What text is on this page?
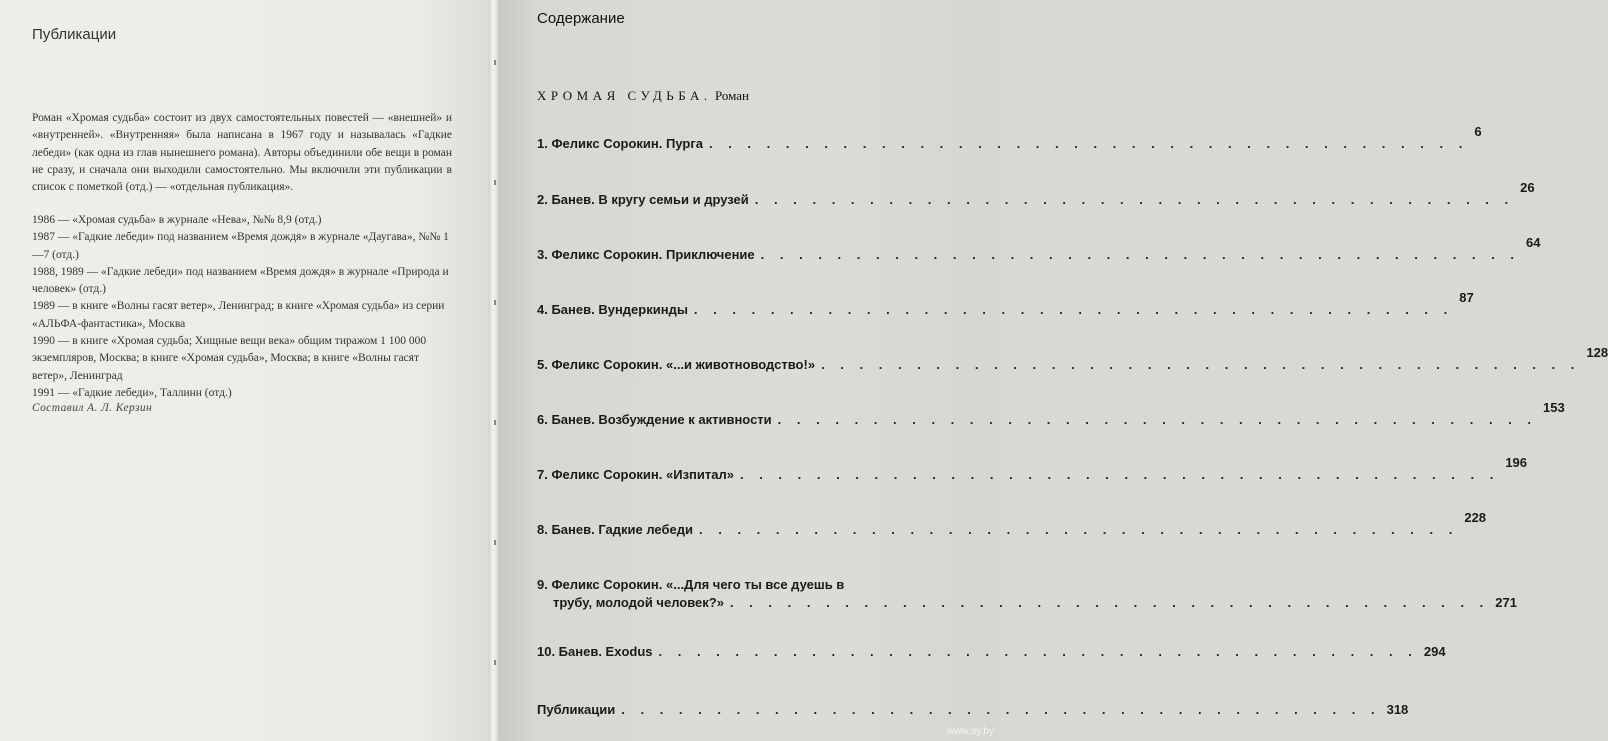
Публикации
Роман «Хромая судьба» состоит из двух самостоятельных повестей — «внешней» и «внутренней». «Внутренняя» была написана в 1967 году и называлась «Гадкие лебеди» (как одна из глав нынешнего романа). Авторы объединили обе вещи в роман не сразу, и сначала они выходили самостоятельно. Мы включили эти публикации в список с пометкой (отд.) — «отдельная публикация».
1986 — «Хромая судьба» в журнале «Нева», №№ 8,9 (отд.)
1987 — «Гадкие лебеди» под названием «Время дождя» в журнале «Даугава», №№ 1—7 (отд.)
1988, 1989 — «Гадкие лебеди» под названием «Время дождя» в журнале «Природа и человек» (отд.)
1989 — в книге «Волны гасят ветер», Ленинград; в книге «Хромая судьба» из серии «АЛЬФА-фантастика», Москва
1990 — в книге «Хромая судьба; Хищные вещи века» общим тиражом 1 100 000 экземпляров, Москва; в книге «Хромая судьба», Москва; в книге «Волны гасят ветер», Ленинград
1991 — «Гадкие лебеди», Таллинн (отд.)
Составил А. Л. Керзин
Содержание
ХРОМАЯ СУДЬБА. Роман
1. Феликс Сорокин. Пурга . . . . . . . . . . . . . . . . . . . . . . . . . . . . . . . . . . . . . . . .
6
2. Банев. В кругу семьи и друзей . . . . . . . . . . . . . . . . . . . . . . . . . . . . . . . . . . . . . . . .
26
3. Феликс Сорокин. Приключение . . . . . . . . . . . . . . . . . . . . . . . . . . . . . . . . . . . . . . . .
64
4. Банев. Вундеркинды . . . . . . . . . . . . . . . . . . . . . . . . . . . . . . . . . . . . . . . .
87
5. Феликс Сорокин. «...и животноводство!» . . . . . . . . . . . . . . . . . . . . . . . . . . . . . . . . . . . . . . . .
128
6. Банев. Возбуждение к активности . . . . . . . . . . . . . . . . . . . . . . . . . . . . . . . . . . . . . . . .
153
7. Феликс Сорокин. «Изпитал» . . . . . . . . . . . . . . . . . . . . . . . . . . . . . . . . . . . . . . . .
196
8. Банев. Гадкие лебеди . . . . . . . . . . . . . . . . . . . . . . . . . . . . . . . . . . . . . . . .
228
9. Феликс Сорокин. «...Для чего ты все дуешь в
трубу, молодой человек?» . . . . . . . . . . . . . . . . . . . . . . . . . . . . . . . . . . . . . . . . 271
10. Банев. Exodus . . . . . . . . . . . . . . . . . . . . . . . . . . . . . . . . . . . . . . . . 294
Публикации . . . . . . . . . . . . . . . . . . . . . . . . . . . . . . . . . . . . . . . . 318
www.ay.by
